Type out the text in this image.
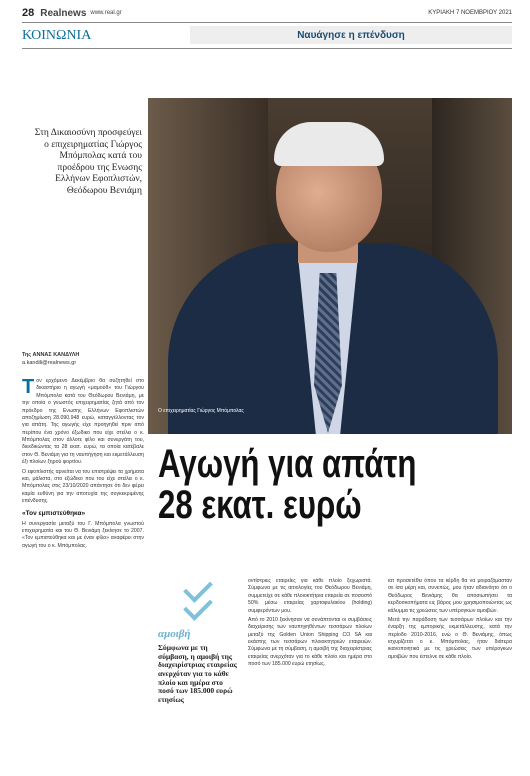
28 Realnews www.real.gr	ΚΥΡΙΑΚΗ 7 ΝΟΕΜΒΡΙΟΥ 2021
ΚΟΙΝΩΝΙΑ	Ναυάγησε η επένδυση
Στη Δικαιοσύνη προσφεύγει ο επιχειρηματίας Γιώργος Μπόμπολας κατά του προέδρου της Ενωσης Ελλήνων Εφοπλιστών, Θεόδωρου Βενιάμη
Ο επιχειρηματίας Γιώργος Μπόμπολας
Της ΑΝΝΑΣ ΚΑΝΔΥΛΗ
a.kandili@realnews.gr
Αγωγή για απάτη
28 εκατ. ευρώ

Τον ερχόμενο Δεκέμβριο θα συζητηθεί στο δικαστήριο η αγωγή «μαμούθ» του Γιώργου Μπόμπολα κατά του Θεόδωρου Βενιάμη, με την οποία ο γνωστός επιχειρηματίας ζητά από τον πρόεδρο της Ενωσης Ελλήνων Εφοπλιστών αποζημίωση 28.090.948 ευρώ, καταγγέλλοντας τον για απάτη. Της αγωγής είχε προηγηθεί πριν από περίπου ένα χρόνο έξωδικο που είχε στείλει ο κ. Μπόμπολας στον άλλοτε φίλο και συνεργάτη του, διεκδικώντας τα 28 εκατ. ευρώ, τα οποία κατέβαλε στον Θ. Βενιάμη για τη ναυπήγηση και εκμετάλλευση έξι πλοίων ξηρού φορτίου.

Ο εφοπλιστής αρνείται να του επιστρέψει τα χρήματα και, μάλιστα, στο εξώδικο που του είχε στείλει ο κ. Μπόμπολας στις 23/10/2020 απάντησε ότι δεν φέρει καμία ευθύνη για την αποτυχία της συγκεκριμένης επένδυσης.

«Τον εμπιστεύθηκα»

Η συνεργασία μεταξύ του Γ. Μπόμπολα γνωστού επιχειρηματία και του Θ. Βενιάμη ξεκίνησε το 2007. «Τον εμπιστεύθηκα και με έναν φίλο» αναφέρει στην αγωγή του ο κ. Μπόμπολας.

αμοιβή
Σύμφωνα με τη σύμβαση, η αμοιβή της διαχειρίστριας εταιρείας ανερχόταν για το κάθε πλοίο και ημέρα στο ποσό των 185.000 ευρώ ετησίως

οντίστριες εταιρείες για κάθε πλοίο ξεχωριστά. Σύμφωνα με τις αιτιολογίες του Θεόδωρου Βενιάμη, συμμετείχε σε κάθε πλοιοκτήτρια εταιρεία σε ποσοστό 50% μέσω εταιρείας χαρτοφυλακίου (holding) συμφερόντων μου.

Από το 2010 ξεκίνησαν να συνάπτονται οι συμβάσεις διαχείρισης των ναυπηγηθέντων τεσσάρων πλοίων μεταξύ της Golden Union Shipping CO SA και εκάστης των τεσσάρων πλοιοκτητριών εταιρειών. Σύμφωνα με τη σύμβαση, η αμοιβή της διαχειρίστριας εταιρείας ανερχόταν για το κάθε πλοίο και ημέρα στο ποσό των 185.000 ευρώ ετησίως.

ιατ προσετέθει όπου τα κέρδη θα να μοιραζόμασταν σε ίσα μέρη και, συνεπώς, μου ήταν αδιανόητο ότι ο Θεόδωρος Βενιάμης θα αποσιωπήσει τα κερδοσκοπήματα εις βάρος μου χρησιμοποιώντας ως κάλυμμα τις χρεώσεις των υπέρογκων αμοιβών.

Μετά την παράδοση των τεσσάρων πλοίων και την έναρξη της εμπορικής εκμετάλλευσης, κατά την περίοδο 2010-2016, ενώ ο Θ. Βενιάμης, όπως ισχυρίζεται ο κ. Μπόμπολας, ήταν διάτερα ικανοποιητικά με τις χρεώσεις των υπέρογκων αμοιβών που έστελνε σε κάθε πλοίο.
